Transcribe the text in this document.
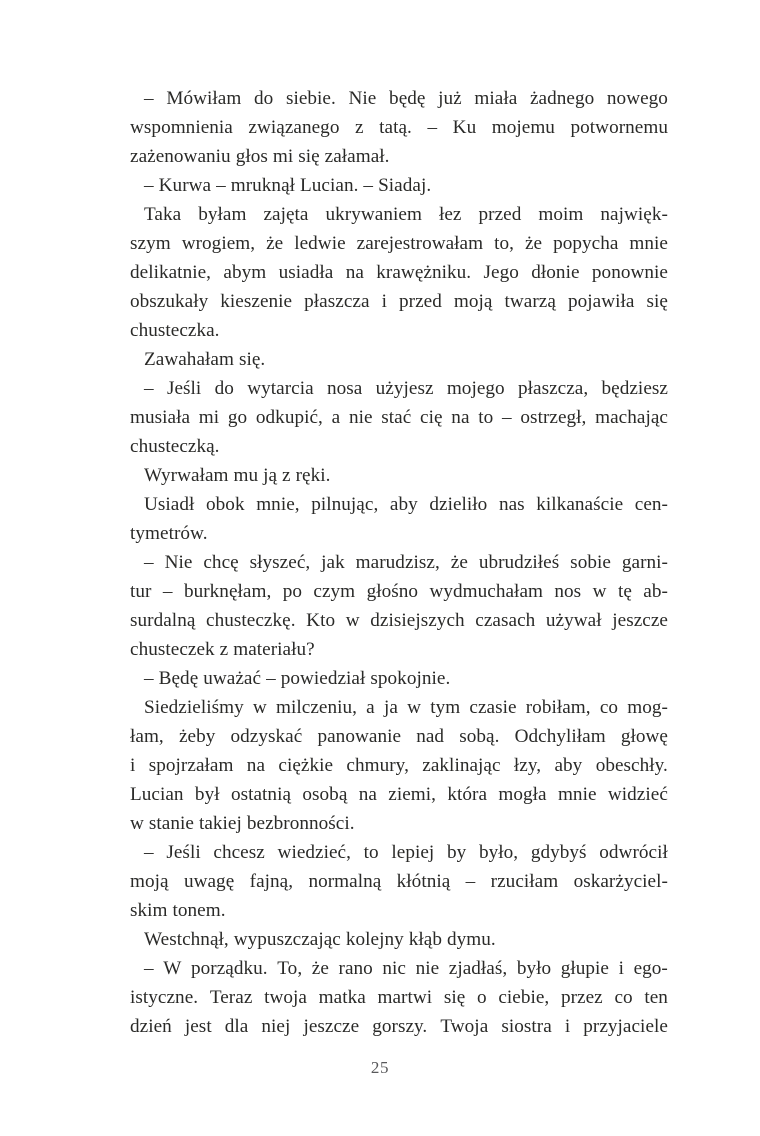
– Mówiłam do siebie. Nie będę już miała żadnego nowego
wspomnienia związanego z tatą. – Ku mojemu potwornemu
zażenowaniu głos mi się załamał.
– Kurwa – mruknął Lucian. – Siadaj.
Taka byłam zajęta ukrywaniem łez przed moim najwięk-
szym wrogiem, że ledwie zarejestrowałam to, że popycha mnie
delikatnie, abym usiadła na krawężniku. Jego dłonie ponownie
obszukały kieszenie płaszcza i przed moją twarzą pojawiła się
chusteczka.
Zawahałam się.
– Jeśli do wytarcia nosa użyjesz mojego płaszcza, będziesz
musiała mi go odkupić, a nie stać cię na to – ostrzegł, machając
chusteczką.
Wyrwałam mu ją z ręki.
Usiadł obok mnie, pilnując, aby dzieliło nas kilkanaście cen-
tymetrów.
– Nie chcę słyszeć, jak marudzisz, że ubrudziłeś sobie garni-
tur – burknęłam, po czym głośno wydmuchałam nos w tę ab-
surdalną chusteczkę. Kto w dzisiejszych czasach używał jeszcze
chusteczek z materiału?
– Będę uważać – powiedział spokojnie.
Siedzieliśmy w milczeniu, a ja w tym czasie robiłam, co mog-
łam, żeby odzyskać panowanie nad sobą. Odchyliłam głowę
i spojrzałam na ciężkie chmury, zaklinając łzy, aby obeschły.
Lucian był ostatnią osobą na ziemi, która mogła mnie widzieć
w stanie takiej bezbronności.
– Jeśli chcesz wiedzieć, to lepiej by było, gdybyś odwrócił
moją uwagę fajną, normalną kłótnią – rzuciłam oskarżyciel-
skim tonem.
Westchnął, wypuszczając kolejny kłąb dymu.
– W porządku. To, że rano nic nie zjadłaś, było głupie i ego-
istyczne. Teraz twoja matka martwi się o ciebie, przez co ten
dzień jest dla niej jeszcze gorszy. Twoja siostra i przyjaciele
25
